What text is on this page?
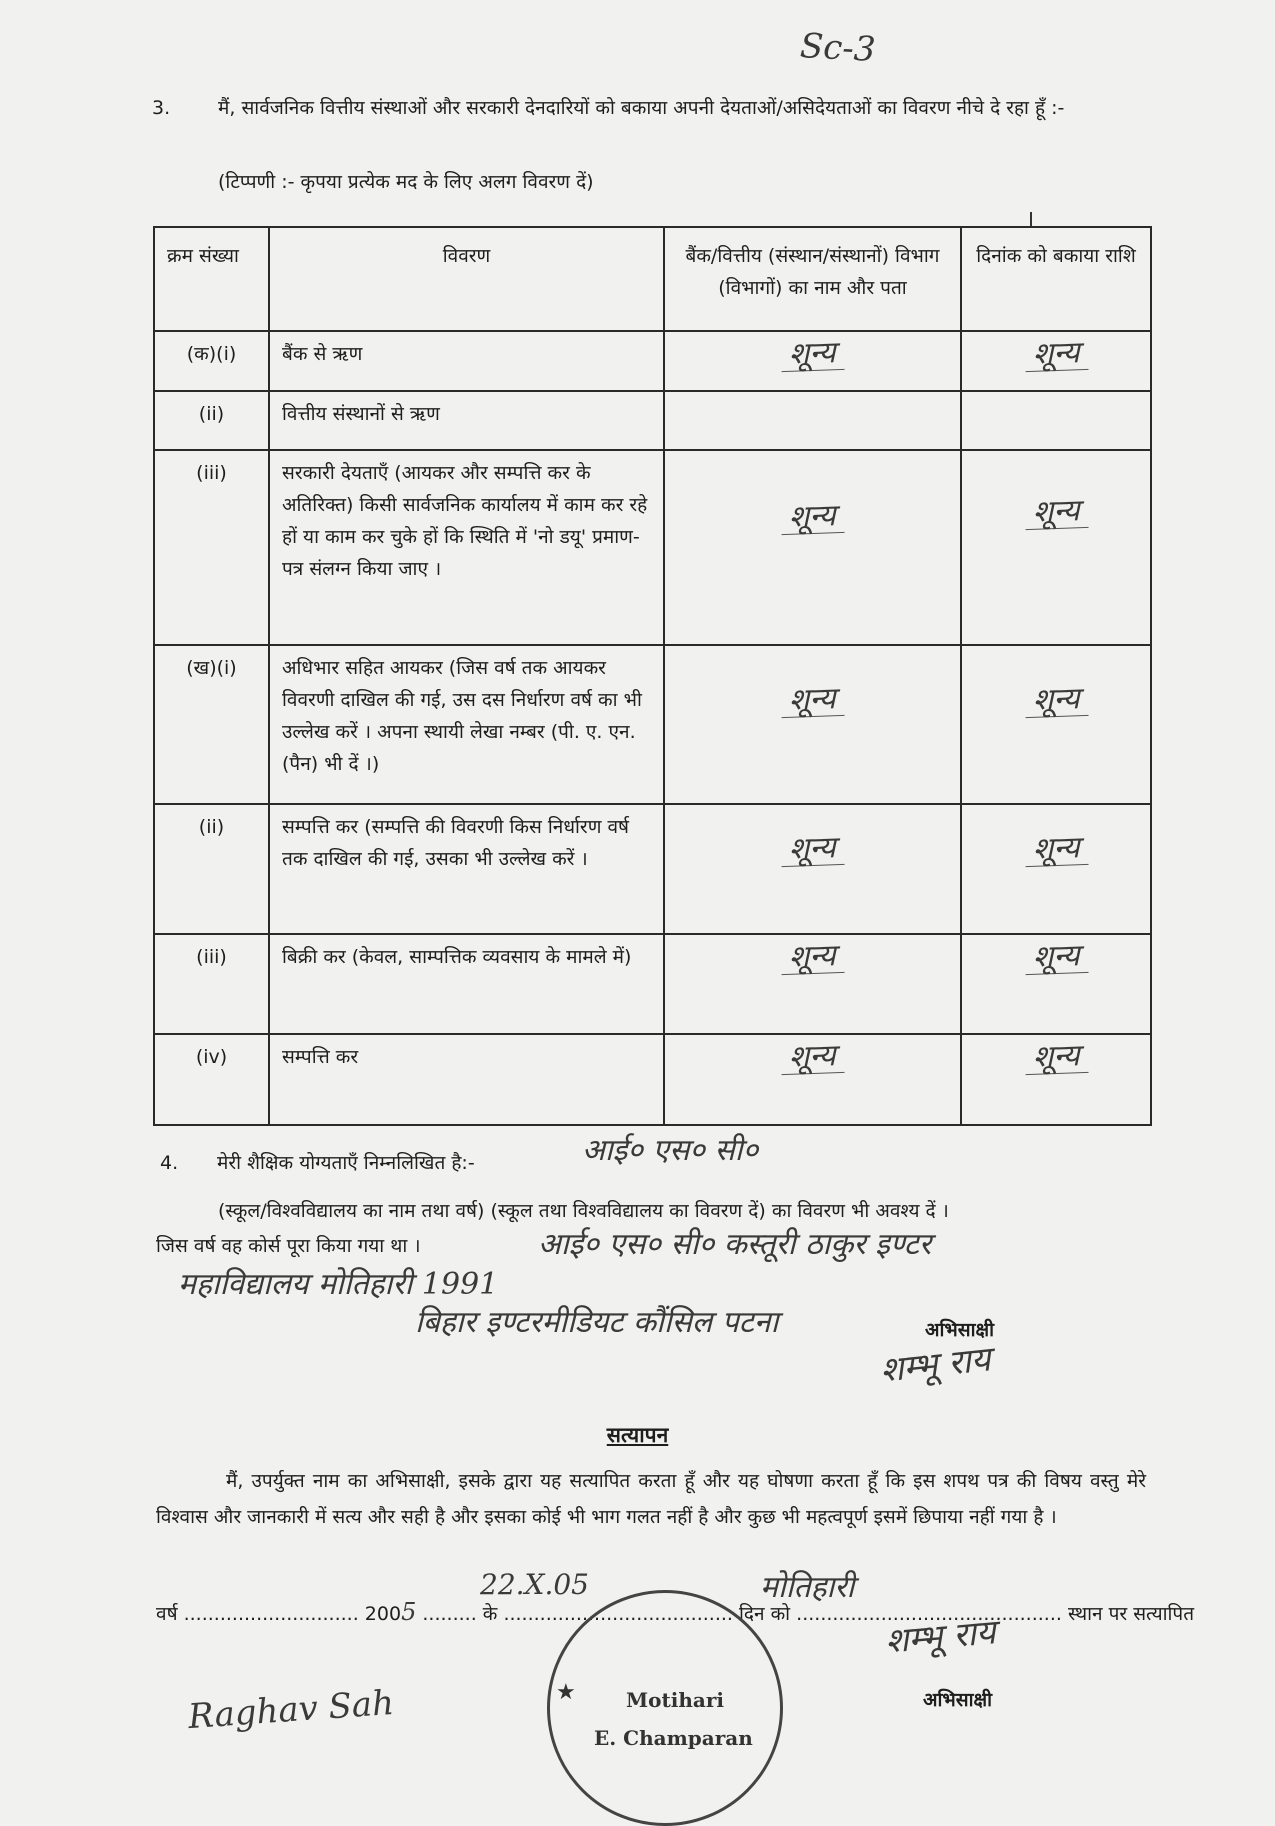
Sc-3
3.	मैं, सार्वजनिक वित्तीय संस्थाओं और सरकारी देनदारियों को बकाया अपनी देयताओं/असिदेयताओं का विवरण नीचे दे रहा हूँ :-
(टिप्पणी :- कृपया प्रत्येक मद के लिए अलग विवरण दें)
क्रम संख्या	विवरण	बैंक/वित्तीय (संस्थान/संस्थानों) विभाग (विभागों) का नाम और पता	दिनांक को बकाया राशि
(क)(i)	बैंक से ऋण	शून्य	शून्य
(ii)	वित्तीय संस्थानों से ऋण		
(iii)	सरकारी देयताएँ (आयकर और सम्पत्ति कर के अतिरिक्त) किसी सार्वजनिक कार्यालय में काम कर रहे हों या काम कर चुके हों कि स्थिति में 'नो डयू' प्रमाण-पत्र संलग्न किया जाए ।	शून्य	शून्य
(ख)(i)	अधिभार सहित आयकर (जिस वर्ष तक आयकर विवरणी दाखिल की गई, उस दस निर्धारण वर्ष का भी उल्लेख करें । अपना स्थायी लेखा नम्बर (पी. ए. एन. (पैन) भी दें ।)	शून्य	शून्य
(ii)	सम्पत्ति कर (सम्पत्ति की विवरणी किस निर्धारण वर्ष तक दाखिल की गई, उसका भी उल्लेख करें ।	शून्य	शून्य
(iii)	बिक्री कर (केवल, साम्पत्तिक व्यवसाय के मामले में)	शून्य	शून्य
(iv)	सम्पत्ति कर	शून्य	शून्य
4. मेरी शैक्षिक योग्यताएँ निम्नलिखित है:-	आई० एस० सी०
(स्कूल/विश्वविद्यालय का नाम तथा वर्ष) (स्कूल तथा विश्वविद्यालय का विवरण दें) का विवरण भी अवश्य दें ।
जिस वर्ष वह कोर्स पूरा किया गया था ।	आई० एस० सी० कस्तूरी ठाकुर इण्टर
महाविद्यालय मोतिहारी 1991
बिहार इण्टरमीडियट कौंसिल पटना	अभिसाक्षी
शम्भू राय
सत्यापन
मैं, उपर्युक्त नाम का अभिसाक्षी, इसके द्वारा यह सत्यापित करता हूँ और यह घोषणा करता हूँ कि इस शपथ पत्र की विषय वस्तु मेरे विश्वास और जानकारी में सत्य और सही है और इसका कोई भी भाग गलत नहीं है और कुछ भी महत्वपूर्ण इसमें छिपाया नहीं गया है ।
वर्ष ............................. 2005 ......... के ...................................... दिन को ............................................ स्थान पर सत्यापित
22.X.05	मोतिहारी
शम्भू राय
अभिसाक्षी
★	Motihari
E. Champaran
Raghav Sah
